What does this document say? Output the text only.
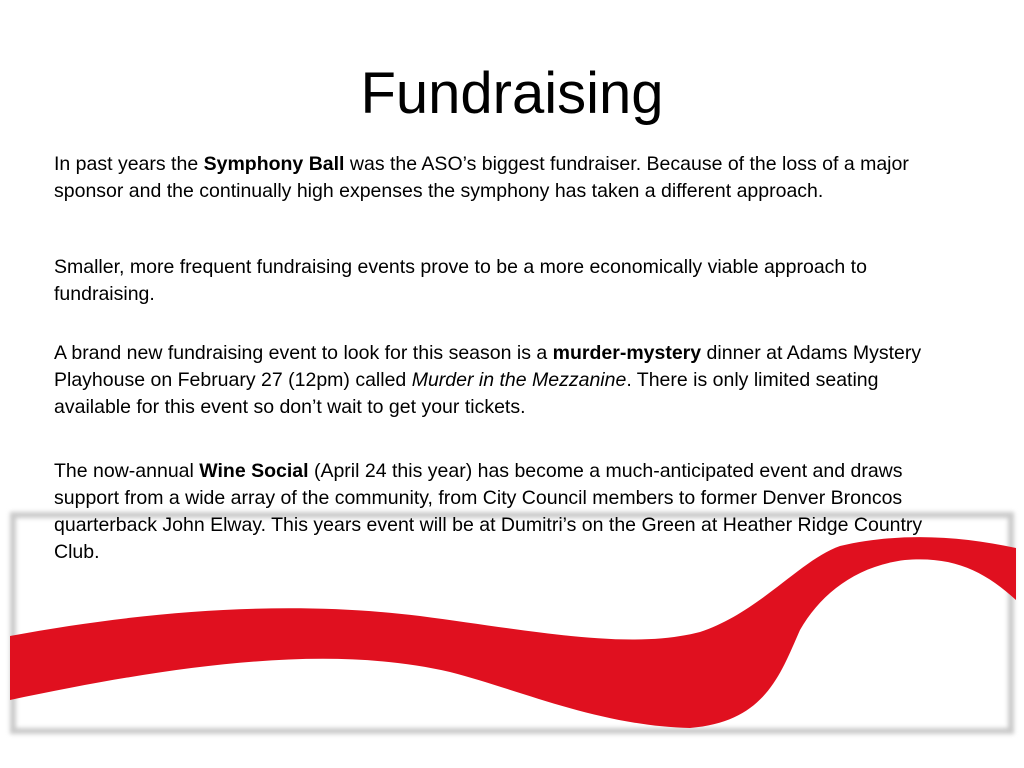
Fundraising

In past years the Symphony Ball was the ASO’s biggest fundraiser. Because of the loss of a major sponsor and the continually high expenses the symphony has taken a different approach.

Smaller, more frequent fundraising events prove to be a more economically viable approach to fundraising.

A brand new fundraising event to look for this season is a murder-mystery dinner at Adams Mystery Playhouse on February 27 (12pm) called Murder in the Mezzanine. There is only limited seating available for this event so don’t wait to get your tickets.

The now-annual Wine Social (April 24 this year) has become a much-anticipated event and draws support from a wide array of the community, from City Council members to former Denver Broncos quarterback John Elway. This years event will be at Dumitri’s on the Green at Heather Ridge Country Club.
